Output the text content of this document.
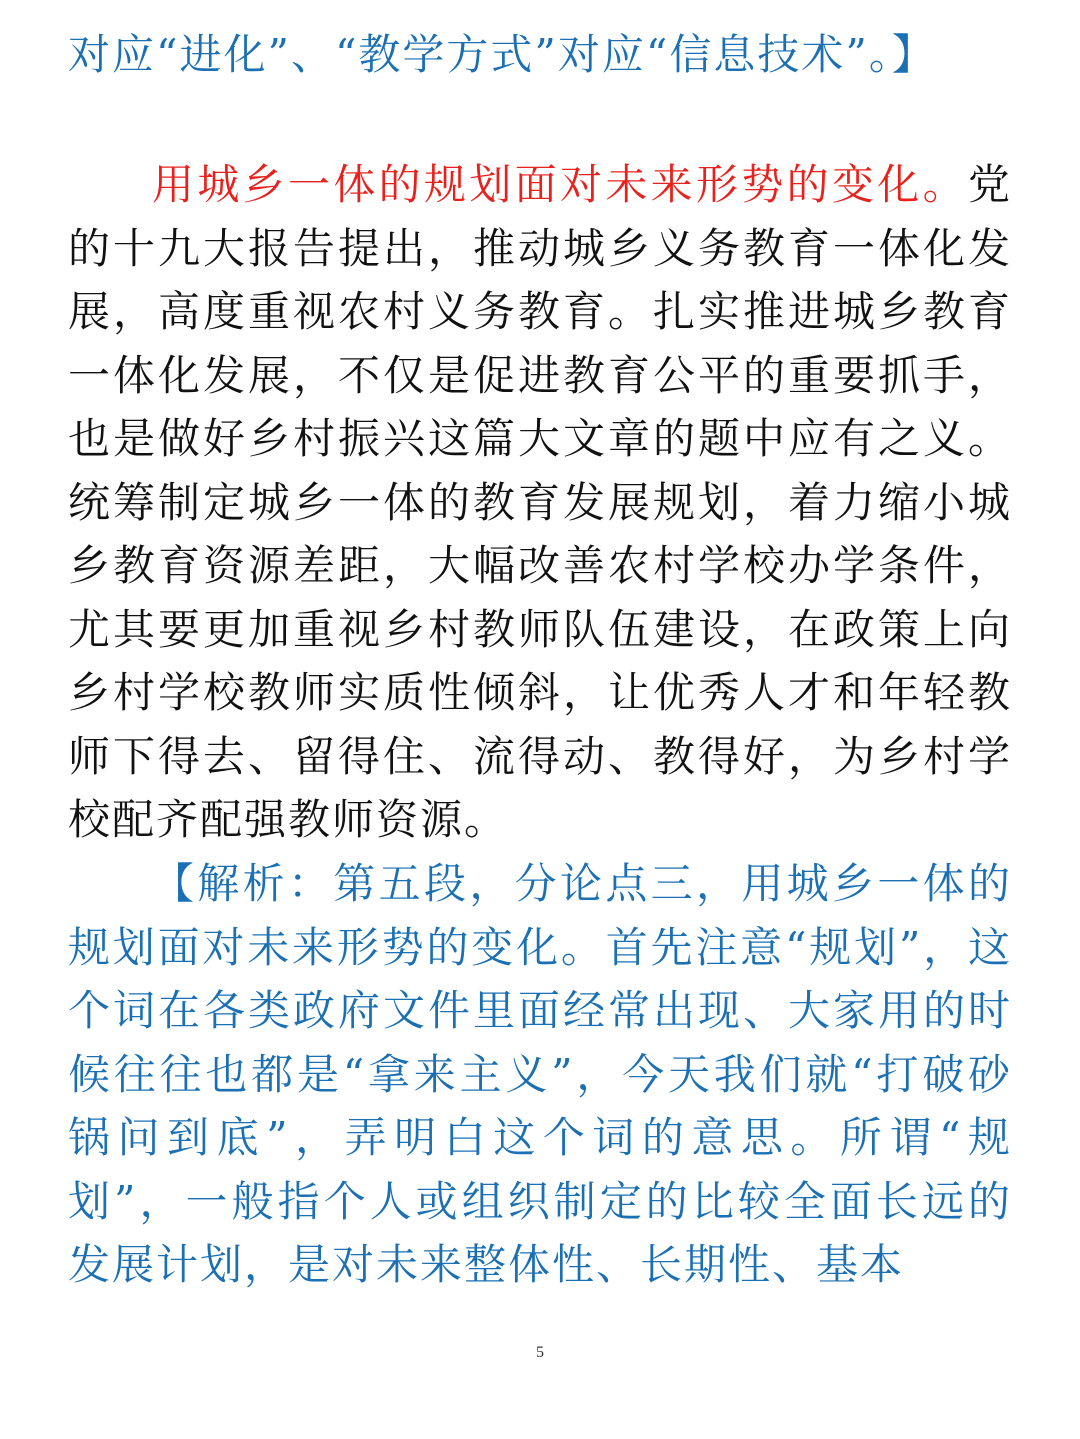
对应“进化”、“教学方式”对应“信息技术”。】
用城乡一体的规划面对未来形势的变化。党的十九大报告提出，推动城乡义务教育一体化发展，高度重视农村义务教育。扎实推进城乡教育一体化发展，不仅是促进教育公平的重要抓手，也是做好乡村振兴这篇大文章的题中应有之义。统筹制定城乡一体的教育发展规划，着力缩小城乡教育资源差距，大幅改善农村学校办学条件，尤其要更加重视乡村教师队伍建设，在政策上向乡村学校教师实质性倾斜，让优秀人才和年轻教师下得去、留得住、流得动、教得好，为乡村学校配齐配强教师资源。
【解析：第五段，分论点三，用城乡一体的规划面对未来形势的变化。首先注意“规划”，这个词在各类政府文件里面经常出现、大家用的时候往往也都是“拿来主义”，今天我们就“打破砂锅问到底”，弄明白这个词的意思。所谓“规划”，一般指个人或组织制定的比较全面长远的发展计划，是对未来整体性、长期性、基本
5
